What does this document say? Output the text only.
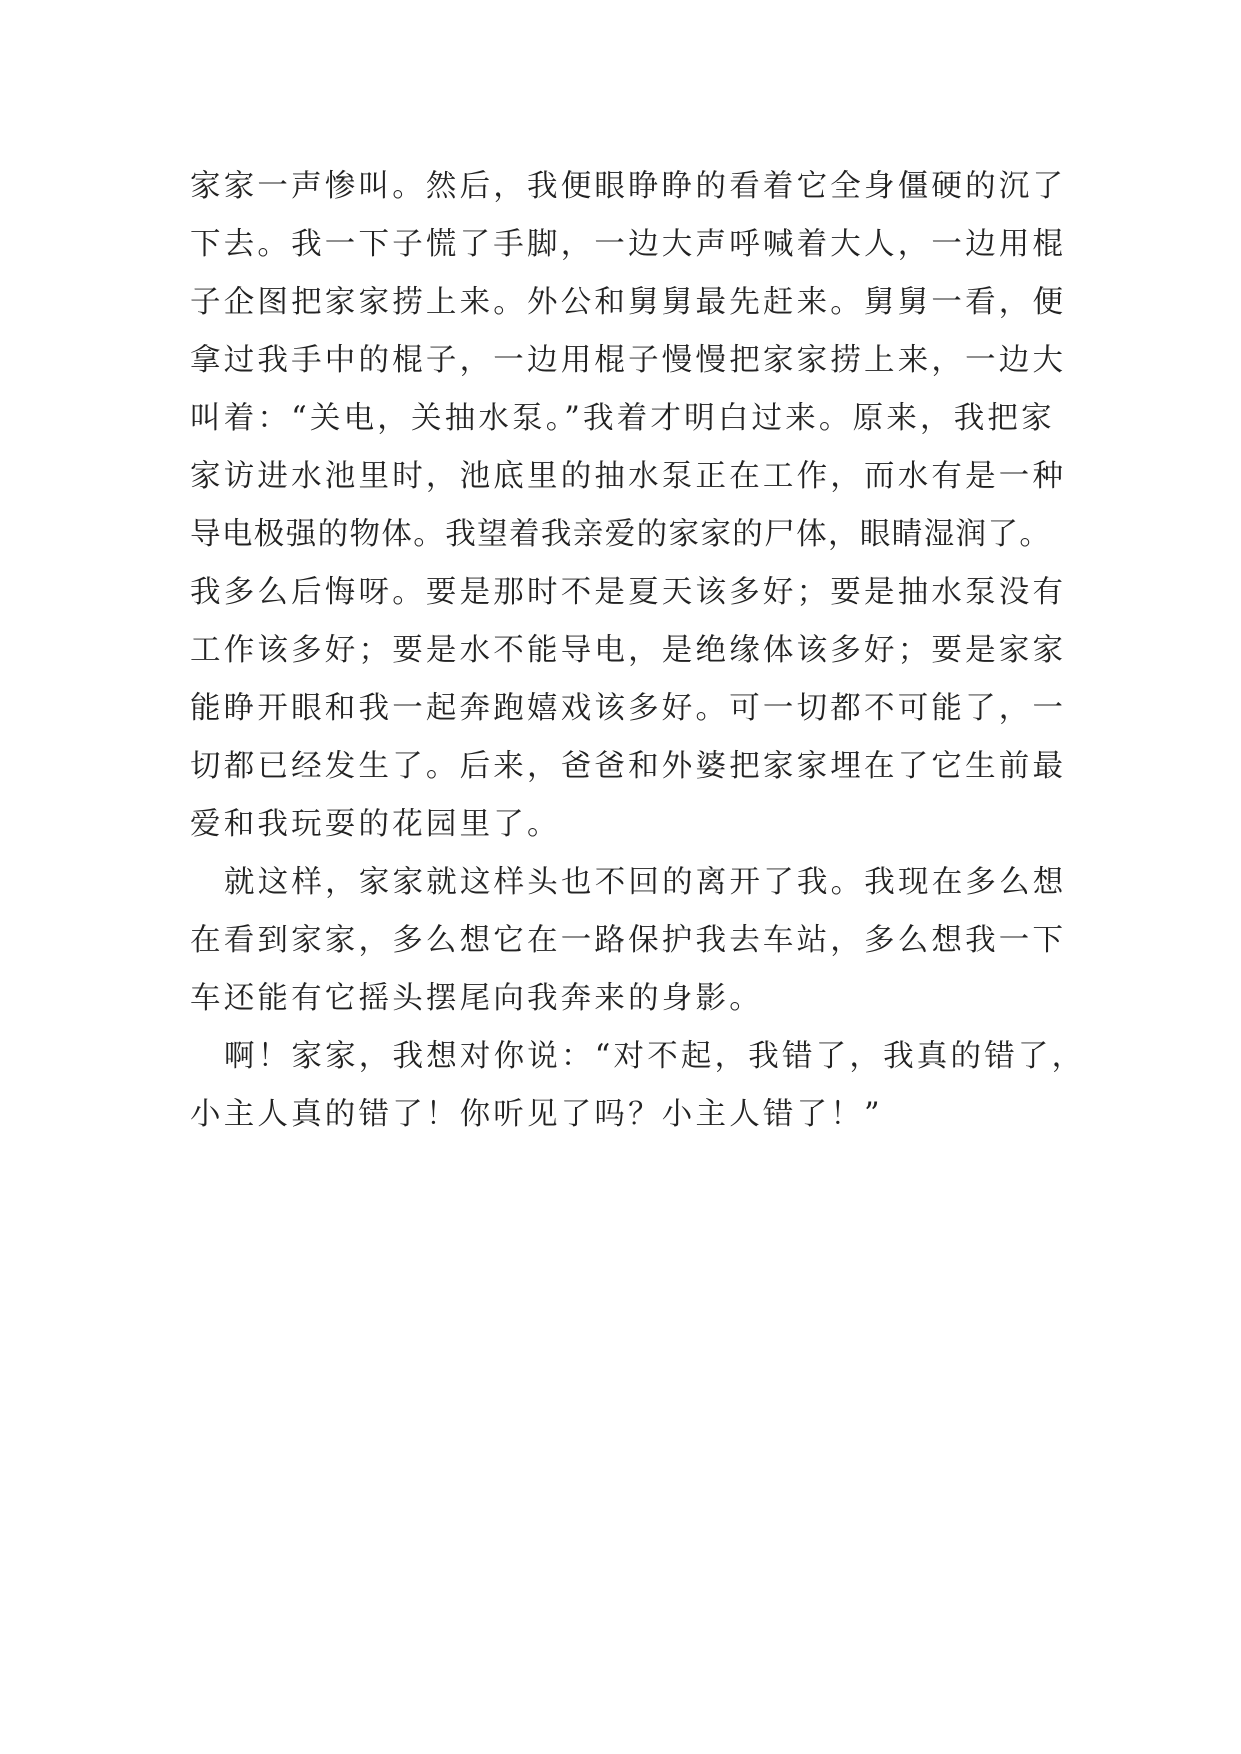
家家一声惨叫。然后，我便眼睁睁的看着它全身僵硬的沉了
下去。我一下子慌了手脚，一边大声呼喊着大人，一边用棍
子企图把家家捞上来。外公和舅舅最先赶来。舅舅一看，便
拿过我手中的棍子，一边用棍子慢慢把家家捞上来，一边大
叫着：“关电，关抽水泵。”我着才明白过来。原来，我把家
家访进水池里时，池底里的抽水泵正在工作，而水有是一种
导电极强的物体。我望着我亲爱的家家的尸体，眼睛湿润了。
我多么后悔呀。要是那时不是夏天该多好；要是抽水泵没有
工作该多好；要是水不能导电，是绝缘体该多好；要是家家
能睁开眼和我一起奔跑嬉戏该多好。可一切都不可能了，一
切都已经发生了。后来，爸爸和外婆把家家埋在了它生前最
爱和我玩耍的花园里了。
就这样，家家就这样头也不回的离开了我。我现在多么想
在看到家家，多么想它在一路保护我去车站，多么想我一下
车还能有它摇头摆尾向我奔来的身影。
啊！家家，我想对你说：“对不起，我错了，我真的错了，
小主人真的错了！你听见了吗？小主人错了！”
